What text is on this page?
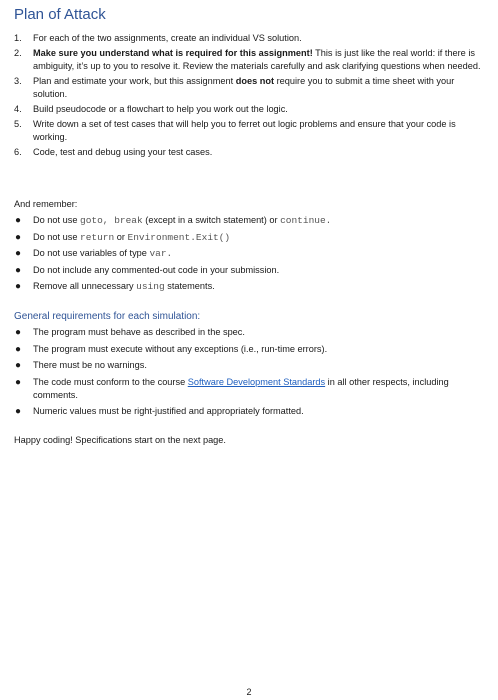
Plan of Attack
1. For each of the two assignments, create an individual VS solution.
2. Make sure you understand what is required for this assignment! This is just like the real world: if there is ambiguity, it’s up to you to resolve it. Review the materials carefully and ask clarifying questions when needed.
3. Plan and estimate your work, but this assignment does not require you to submit a time sheet with your solution.
4. Build pseudocode or a flowchart to help you work out the logic.
5. Write down a set of test cases that will help you to ferret out logic problems and ensure that your code is working.
6. Code, test and debug using your test cases.

And remember:

● Do not use goto, break (except in a switch statement) or continue.
● Do not use return or Environment.Exit()
● Do not use variables of type var.
● Do not include any commented-out code in your submission.
● Remove all unnecessary using statements.
General requirements for each simulation:
● The program must behave as described in the spec.
● The program must execute without any exceptions (i.e., run-time errors).
● There must be no warnings.
● The code must conform to the course Software Development Standards in all other respects, including comments.
● Numeric values must be right-justified and appropriately formatted.

Happy coding! Specifications start on the next page.

2
